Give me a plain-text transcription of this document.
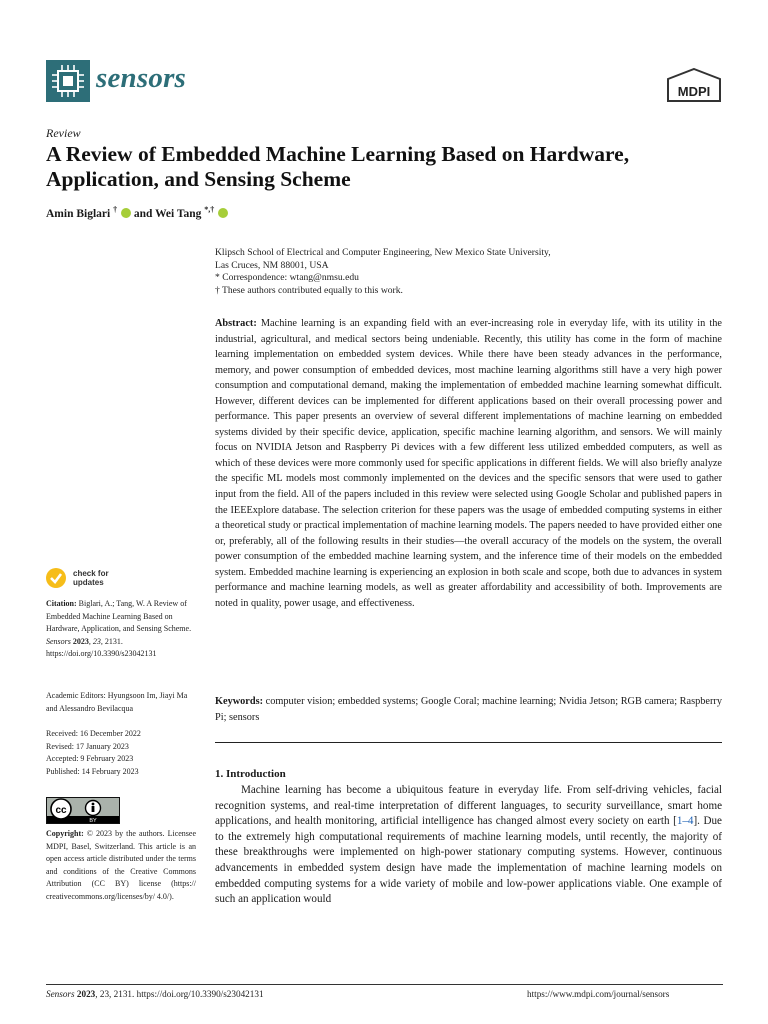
sensors	MDPI
Review
A Review of Embedded Machine Learning Based on Hardware, Application, and Sensing Scheme
Amin Biglari † and Wei Tang *,†
Klipsch School of Electrical and Computer Engineering, New Mexico State University,
Las Cruces, NM 88001, USA
* Correspondence: wtang@nmsu.edu
† These authors contributed equally to this work.
Abstract: Machine learning is an expanding field with an ever-increasing role in everyday life, with its utility in the industrial, agricultural, and medical sectors being undeniable. Recently, this utility has come in the form of machine learning implementation on embedded system devices. While there have been steady advances in the performance, memory, and power consumption of embedded devices, most machine learning algorithms still have a very high power consumption and computational demand, making the implementation of embedded machine learning somewhat difficult. However, different devices can be implemented for different applications based on their overall processing power and performance. This paper presents an overview of several different implementations of machine learning on embedded systems divided by their specific device, application, specific machine learning algorithm, and sensors. We will mainly focus on NVIDIA Jetson and Raspberry Pi devices with a few different less utilized embedded computers, as well as which of these devices were more commonly used for specific applications in different fields. We will also briefly analyze the specific ML models most commonly implemented on the devices and the specific sensors that were used to gather input from the field. All of the papers included in this review were selected using Google Scholar and published papers in the IEEExplore database. The selection criterion for these papers was the usage of embedded computing systems in either a theoretical study or practical implementation of machine learning models. The papers needed to have provided either one or, preferably, all of the following results in their studies—the overall accuracy of the models on the system, the overall power consumption of the embedded machine learning system, and the inference time of their models on the embedded system. Embedded machine learning is experiencing an explosion in both scale and scope, both due to advances in system performance and machine learning models, as well as greater affordability and accessibility of both. Improvements are noted in quality, power usage, and effectiveness.
Keywords: computer vision; embedded systems; Google Coral; machine learning; Nvidia Jetson; RGB camera; Raspberry Pi; sensors
1. Introduction
Machine learning has become a ubiquitous feature in everyday life. From self-driving vehicles, facial recognition systems, and real-time interpretation of different languages, to security surveillance, smart home applications, and health monitoring, artificial intelligence has changed almost every society on earth [1–4]. Due to the extremely high computational requirements of machine learning models, until recently, the majority of these breakthroughs were implemented on high-power stationary computing systems. However, continuous advancements in embedded system design have made the implementation of machine learning models on embedded computing systems for a wide variety of mobile and low-power applications viable. One example of such an application would

check for
updates
Citation: Biglari, A.; Tang, W. A Review of Embedded Machine Learning Based on Hardware, Application, and Sensing Scheme. Sensors 2023, 23, 2131. https://doi.org/10.3390/s23042131
Academic Editors: Hyungsoon Im, Jiayi Ma and Alessandro Bevilacqua
Received: 16 December 2022
Revised: 17 January 2023
Accepted: 9 February 2023
Published: 14 February 2023
cc
BY
Copyright: © 2023 by the authors. Licensee MDPI, Basel, Switzerland. This article is an open access article distributed under the terms and conditions of the Creative Commons Attribution (CC BY) license (https:// creativecommons.org/licenses/by/ 4.0/).
Sensors 2023, 23, 2131. https://doi.org/10.3390/s23042131	https://www.mdpi.com/journal/sensors
